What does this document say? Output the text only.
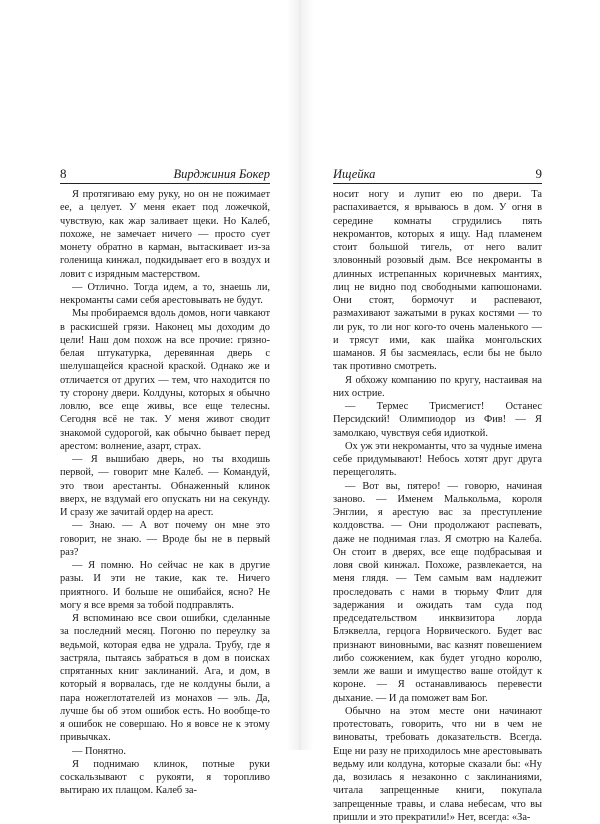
8	Вирджиния Бокер

Я протягиваю ему руку, но он не пожимает ее, а целует. У меня екает под ложечкой, чувствую, как жар заливает щеки. Но Калеб, похоже, не замечает ничего — просто сует монету обратно в карман, вытаскивает из-за голенища кинжал, подкидывает его в воздух и ловит с изрядным мастерством.

— Отлично. Тогда идем, а то, знаешь ли, некроманты сами себя арестовывать не будут.

Мы пробираемся вдоль домов, ноги чавкают в раскисшей грязи. Наконец мы доходим до цели! Наш дом похож на все прочие: грязно-белая штукатурка, деревянная дверь с шелушащейся красной краской. Однако же и отличается от других — тем, что находится по ту сторону двери. Колдуны, которых я обычно ловлю, все еще живы, все еще телесны. Сегодня всё не так. У меня живот сводит знакомой судорогой, как обычно бывает перед арестом: волнение, азарт, страх.

— Я вышибаю дверь, но ты входишь первой, — говорит мне Калеб. — Командуй, это твои арестанты. Обнаженный клинок вверх, не вздумай его опускать ни на секунду. И сразу же зачитай ордер на арест.

— Знаю. — А вот почему он мне это говорит, не знаю. — Вроде бы не в первый раз?

— Я помню. Но сейчас не как в другие разы. И эти не такие, как те. Ничего приятного. И больше не ошибайся, ясно? Не могу я все время за тобой подправлять.

Я вспоминаю все свои ошибки, сделанные за последний месяц. Погоню по переулку за ведьмой, которая едва не удрала. Трубу, где я застряла, пытаясь забраться в дом в поисках спрятанных книг заклинаний. Ага, и дом, в который я ворвалась, где не колдуны были, а пара ножеглотателей из монахов — эль. Да, лучше бы об этом ошибок есть. Но вообще-то я ошибок не совершаю. Но я вовсе не к этому привычках.

— Понятно.

Я поднимаю клинок, потные руки соскальзывают с рукояти, я торопливо вытираю их плащом. Калеб за-

Ищейка	9

носит ногу и лупит ею по двери. Та распахивается, я врываюсь в дом. У огня в середине комнаты сгрудились пять некромантов, которых я ищу. Над пламенем стоит большой тигель, от него валит зловонный розовый дым. Все некроманты в длинных истрепанных коричневых мантиях, лиц не видно под свободными капюшонами. Они стоят, бормочут и распевают, размахивают зажатыми в руках костями — то ли рук, то ли ног кого-то очень маленького — и трясут ими, как шайка монгольских шаманов. Я бы засмеялась, если бы не было так противно смотреть.

Я обхожу компанию по кругу, настаивая на них острие.

— Термес Трисмегист! Останес Персидский! Олимпиодор из Фив! — Я замолкаю, чувствуя себя идиоткой.

Ох уж эти некроманты, что за чудные имена себе придумывают! Небось хотят друг друга перещеголять.

— Вот вы, пятеро! — говорю, начиная заново. — Именем Малькольма, короля Энглии, я арестую вас за преступление колдовства. — Они продолжают распевать, даже не поднимая глаз. Я смотрю на Калеба. Он стоит в дверях, все еще подбрасывая и ловя свой кинжал. Похоже, развлекается, на меня глядя. — Тем самым вам надлежит проследовать с нами в тюрьму Флит для задержания и ожидать там суда под председательством инквизитора лорда Блэквелла, герцога Норвического. Будет вас признают виновными, вас казнят повешением либо сожжением, как будет угодно королю, земли же ваши и имущество ваше отойдут к короне. — Я останавливаюсь перевести дыхание. — И да поможет вам Бог.

Обычно на этом месте они начинают протестовать, говорить, что ни в чем не виноваты, требовать доказательств. Всегда. Еще ни разу не приходилось мне арестовывать ведьму или колдуна, которые сказали бы: «Ну да, возилась я незаконно с заклинаниями, читала запрещенные книги, покупала запрещенные травы, и слава небесам, что вы пришли и это прекратили!» Нет, всегда: «За-
